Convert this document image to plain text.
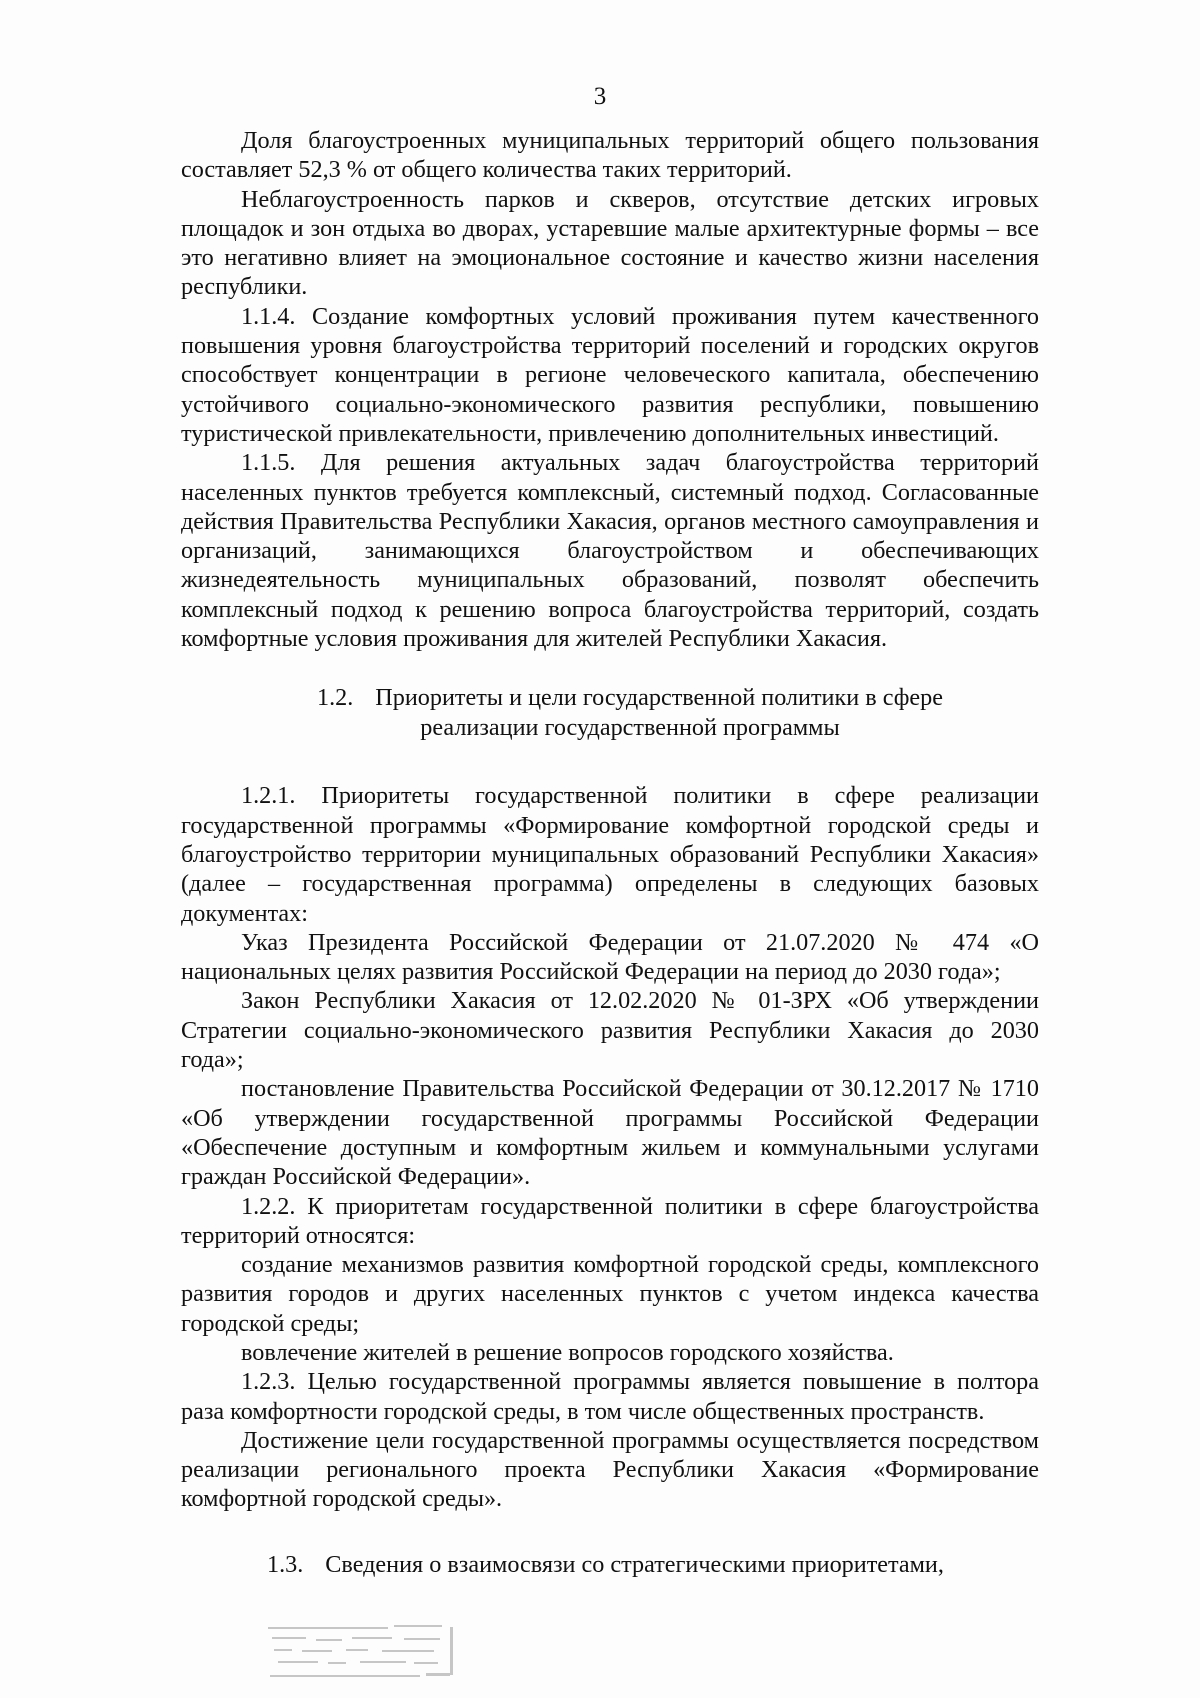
3

Доля благоустроенных муниципальных территорий общего пользования составляет 52,3 % от общего количества таких территорий.

Неблагоустроенность парков и скверов, отсутствие детских игровых площадок и зон отдыха во дворах, устаревшие малые архитектурные формы – все это негативно влияет на эмоциональное состояние и качество жизни населения республики.

1.1.4. Создание комфортных условий проживания путем качественного повышения уровня благоустройства территорий поселений и городских округов способствует концентрации в регионе человеческого капитала, обеспечению устойчивого социально-экономического развития республики, повышению туристической привлекательности, привлечению дополнительных инвестиций.

1.1.5. Для решения актуальных задач благоустройства территорий населенных пунктов требуется комплексный, системный подход. Согласованные действия Правительства Республики Хакасия, органов местного самоуправления и организаций, занимающихся благоустройством и обеспечивающих жизнедеятельность муниципальных образований, позволят обеспечить комплексный подход к решению вопроса благоустройства территорий, создать комфортные условия проживания для жителей Республики Хакасия.

1.2. Приоритеты и цели государственной политики в сфере
реализации государственной программы

1.2.1. Приоритеты государственной политики в сфере реализации государственной программы «Формирование комфортной городской среды и благоустройство территории муниципальных образований Республики Хакасия» (далее – государственная программа) определены в следующих базовых документах:

Указ Президента Российской Федерации от 21.07.2020 № 474 «О национальных целях развития Российской Федерации на период до 2030 года»;

Закон Республики Хакасия от 12.02.2020 № 01-ЗРХ «Об утверждении Стратегии социально-экономического развития Республики Хакасия до 2030 года»;

постановление Правительства Российской Федерации от 30.12.2017 № 1710 «Об утверждении государственной программы Российской Федерации «Обеспечение доступным и комфортным жильем и коммунальными услугами граждан Российской Федерации».

1.2.2. К приоритетам государственной политики в сфере благоустройства территорий относятся:

создание механизмов развития комфортной городской среды, комплексного развития городов и других населенных пунктов с учетом индекса качества городской среды;

вовлечение жителей в решение вопросов городского хозяйства.

1.2.3. Целью государственной программы является повышение в полтора раза комфортности городской среды, в том числе общественных пространств.

Достижение цели государственной программы осуществляется посредством реализации регионального проекта Республики Хакасия «Формирование комфортной городской среды».

1.3. Сведения о взаимосвязи со стратегическими приоритетами,
